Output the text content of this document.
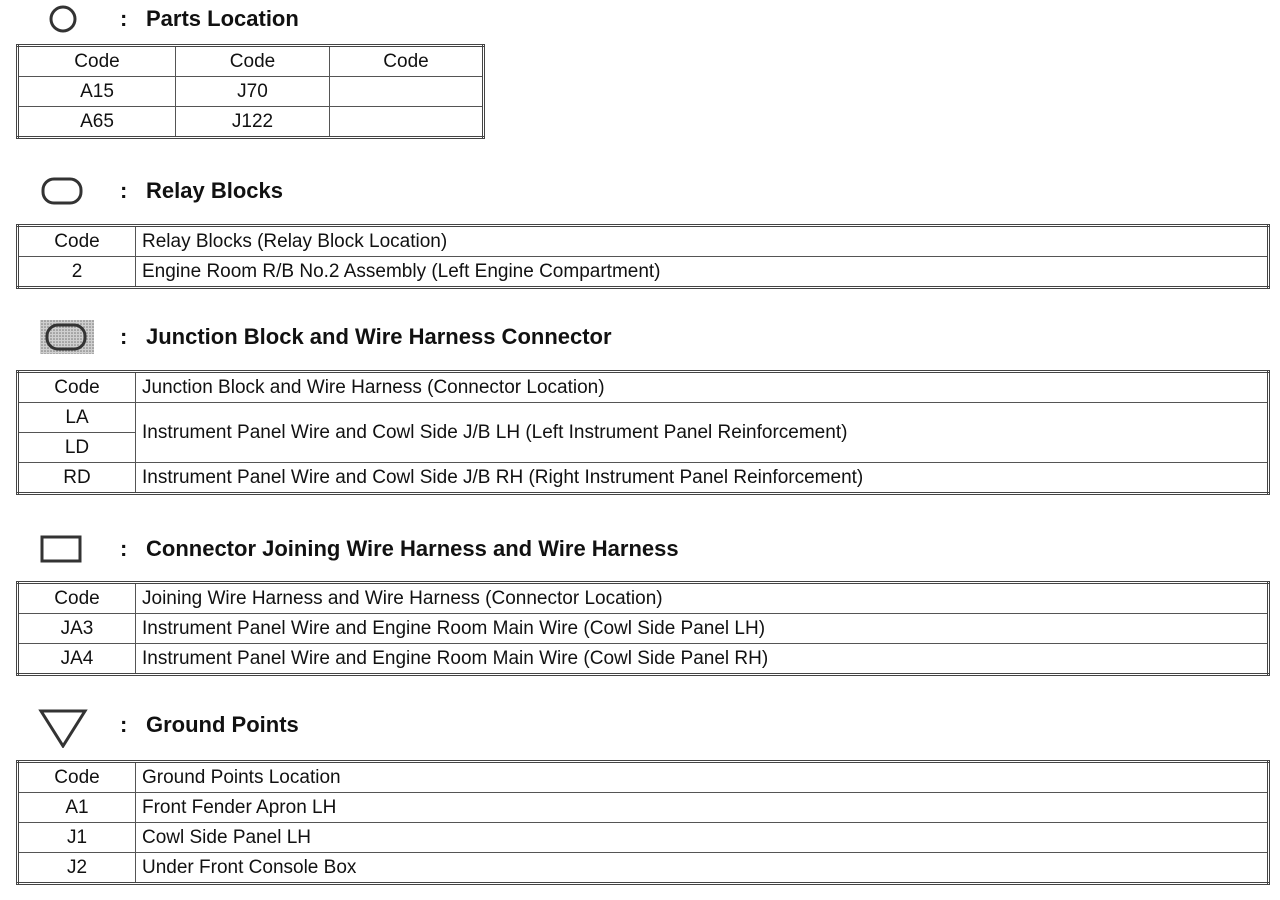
: Parts Location
Code	Code	Code
A15	J70	
A65	J122	
: Relay Blocks
Code	Relay Blocks (Relay Block Location)
2	Engine Room R/B No.2 Assembly (Left Engine Compartment)
: Junction Block and Wire Harness Connector
Code	Junction Block and Wire Harness (Connector Location)
LA	Instrument Panel Wire and Cowl Side J/B LH (Left Instrument Panel Reinforcement)
LD	
RD	Instrument Panel Wire and Cowl Side J/B RH (Right Instrument Panel Reinforcement)
: Connector Joining Wire Harness and Wire Harness
Code	Joining Wire Harness and Wire Harness (Connector Location)
JA3	Instrument Panel Wire and Engine Room Main Wire (Cowl Side Panel LH)
JA4	Instrument Panel Wire and Engine Room Main Wire (Cowl Side Panel RH)
: Ground Points
Code	Ground Points Location
A1	Front Fender Apron LH
J1	Cowl Side Panel LH
J2	Under Front Console Box
